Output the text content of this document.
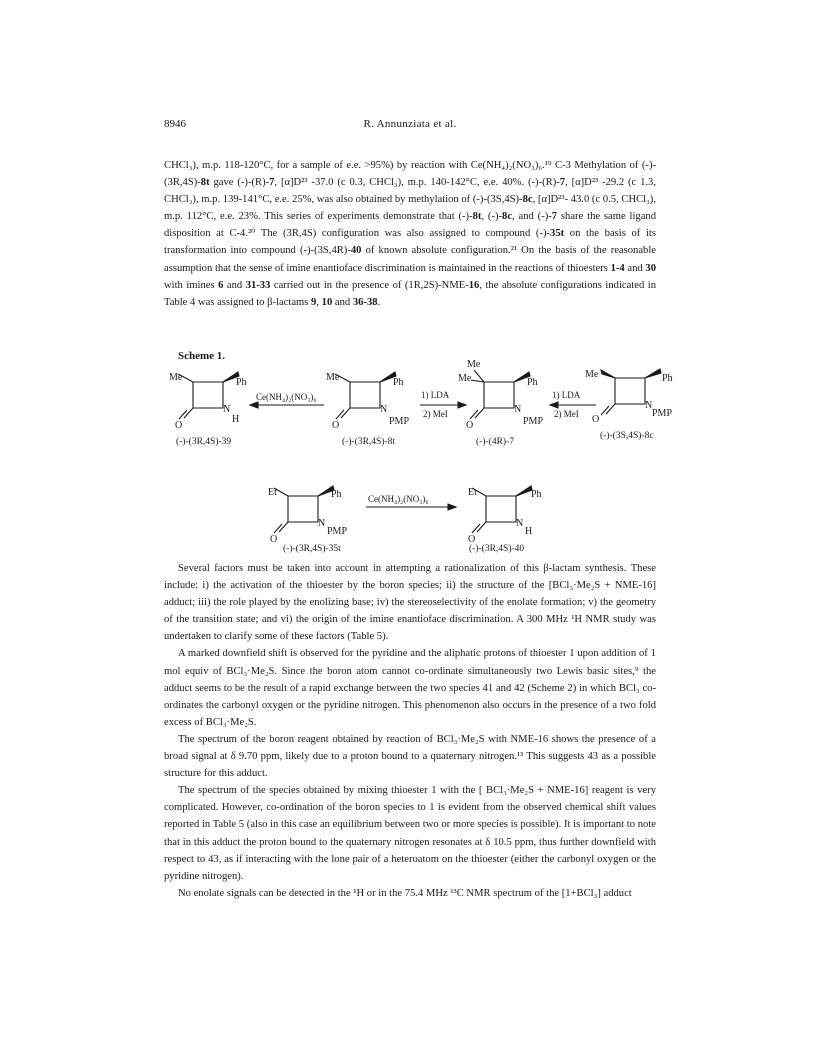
8946	R. Annunziata et al.

CHCl₃), m.p. 118-120°C, for a sample of e.e. >95%) by reaction with Ce(NH₄)₂(NO₃)₆.¹⁹ C-3 Methylation of (-)-(3R,4S)-8t gave (-)-(R)-7, [α]D²³ -37.0 (c 0.3, CHCl₃), m.p. 140-142°C, e.e. 40%. (-)-(R)-7, [α]D²³ -29.2 (c 1.3, CHCl₃), m.p. 139-141°C, e.e. 25%, was also obtained by methylation of (-)-(3S,4S)-8c, [α]D²³- 43.0 (c 0.5, CHCl₃), m.p. 112°C, e.e. 23%. This series of experiments demonstrate that (-)-8t, (-)-8c, and (-)-7 share the same ligand disposition at C-4.²⁰ The (3R,4S) configuration was also assigned to compound (-)-35t on the basis of its transformation into compound (-)-(3S,4R)-40 of known absolute configuration.²¹ On the basis of the reasonable assumption that the sense of imine enantioface discrimination is maintained in the reactions of thioesters 1-4 and 30 with imines 6 and 31-33 carried out in the presence of (1R,2S)-NME-16, the absolute configurations indicated in Table 4 was assigned to β-lactams 9, 10 and 36-38.

Scheme 1.
Me	Ph
N
H
O
Me	Ph
N
PMP
O
Me
Me	Ph
N
PMP
O
Me	Ph
N
PMP
O
Et	Ph
N
PMP
O
Et	Ph
N
H
O
Ce(NH₄)₂(NO₃)₆	1) LDA
2) MeI
1) LDA
2) MeI
Ce(NH₄)₂(NO₃)₆
(-)-(3R,4S)-39	(-)-(3R,4S)-8t	(-)-(4R)-7
(-)-(3S,4S)-8c
(-)-(3R,4S)-35t	(-)-(3R,4S)-40

Several factors must be taken into account in attempting a rationalization of this β-lactam synthesis. These include: i) the activation of the thioester by the boron species; ii) the structure of the [BCl₃·Me₂S + NME-16] adduct; iii) the role played by the enolizing base; iv) the stereoselectivity of the enolate formation; v) the geometry of the transition state; and vi) the origin of the imine enantioface discrimination. A 300 MHz ¹H NMR study was undertaken to clarify some of these factors (Table 5).

A marked downfield shift is observed for the pyridine and the aliphatic protons of thioester 1 upon addition of 1 mol equiv of BCl₃·Me₂S. Since the boron atom cannot co-ordinate simultaneously two Lewis basic sites,⁹ the adduct seems to be the result of a rapid exchange between the two species 41 and 42 (Scheme 2) in which BCl₃ co-ordinates the carbonyl oxygen or the pyridine nitrogen. This phenomenon also occurs in the presence of a two fold excess of BCl₃·Me₂S.

The spectrum of the boron reagent obtained by reaction of BCl₃·Me₂S with NME-16 shows the presence of a broad signal at δ 9.70 ppm, likely due to a proton bound to a quaternary nitrogen.¹³ This suggests 43 as a possible structure for this adduct.

The spectrum of the species obtained by mixing thioester 1 with the [ BCl₃·Me₂S + NME-16] reagent is very complicated. However, co-ordination of the boron species to 1 is evident from the observed chemical shift values reported in Table 5 (also in this case an equilibrium between two or more species is possible). It is important to note that in this adduct the proton bound to the quaternary nitrogen resonates at δ 10.5 ppm, thus further downfield with respect to 43, as if interacting with the lone pair of a heteroatom on the thioester (either the carbonyl oxygen or the pyridine nitrogen).

No enolate signals can be detected in the ¹H or in the 75.4 MHz ¹³C NMR spectrum of the [1+BCl₃] adduct
